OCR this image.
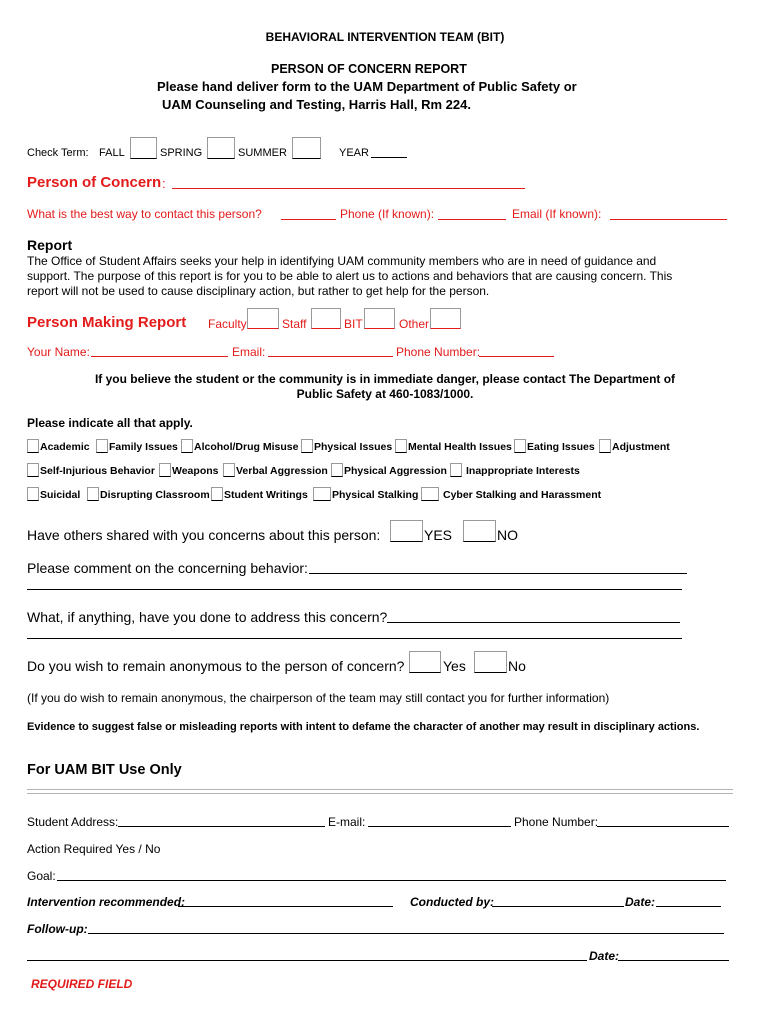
BEHAVIORAL INTERVENTION TEAM (BIT)
PERSON OF CONCERN REPORT
Please hand deliver form to the UAM Department of Public Safety or
UAM Counseling and Testing, Harris Hall, Rm 224.
Check Term: FALL	SPRING	SUMMER	YEAR
Person of Concern :
What is the best way to contact this person?	Phone (If known):	Email (If known):
Report
The Office of Student Affairs seeks your help in identifying UAM community members who are in need of guidance and
support. The purpose of this report is for you to be able to alert us to actions and behaviors that are causing concern. This
report will not be used to cause disciplinary action, but rather to get help for the person.
Person Making Report Faculty	Staff	BIT	Other
Your Name:	Email:	Phone Number:
If you believe the student or the community is in immediate danger, please contact The Department of
Public Safety at 460-1083/1000.
Please indicate all that apply.
Academic Family Issues Alcohol/Drug Misuse Physical Issues Mental Health Issues Eating Issues Adjustment
Self-Injurious Behavior Weapons Verbal Aggression Physical Aggression Inappropriate Interests
Suicidal Disrupting Classroom Student Writings Physical Stalking Cyber Stalking and Harassment
Have others shared with you concerns about this person:	YES	NO
Please comment on the concerning behavior:
What, if anything, have you done to address this concern?
Do you wish to remain anonymous to the person of concern?	Yes	No
(If you do wish to remain anonymous, the chairperson of the team may still contact you for further information)
Evidence to suggest false or misleading reports with intent to defame the character of another may result in disciplinary actions.
For UAM BIT Use Only
Student Address:	E-mail:	Phone Number:
Action Required Yes / No
Goal:
Intervention recommended:	Conducted by:	Date:
Follow-up:
Date:
REQUIRED FIELD
